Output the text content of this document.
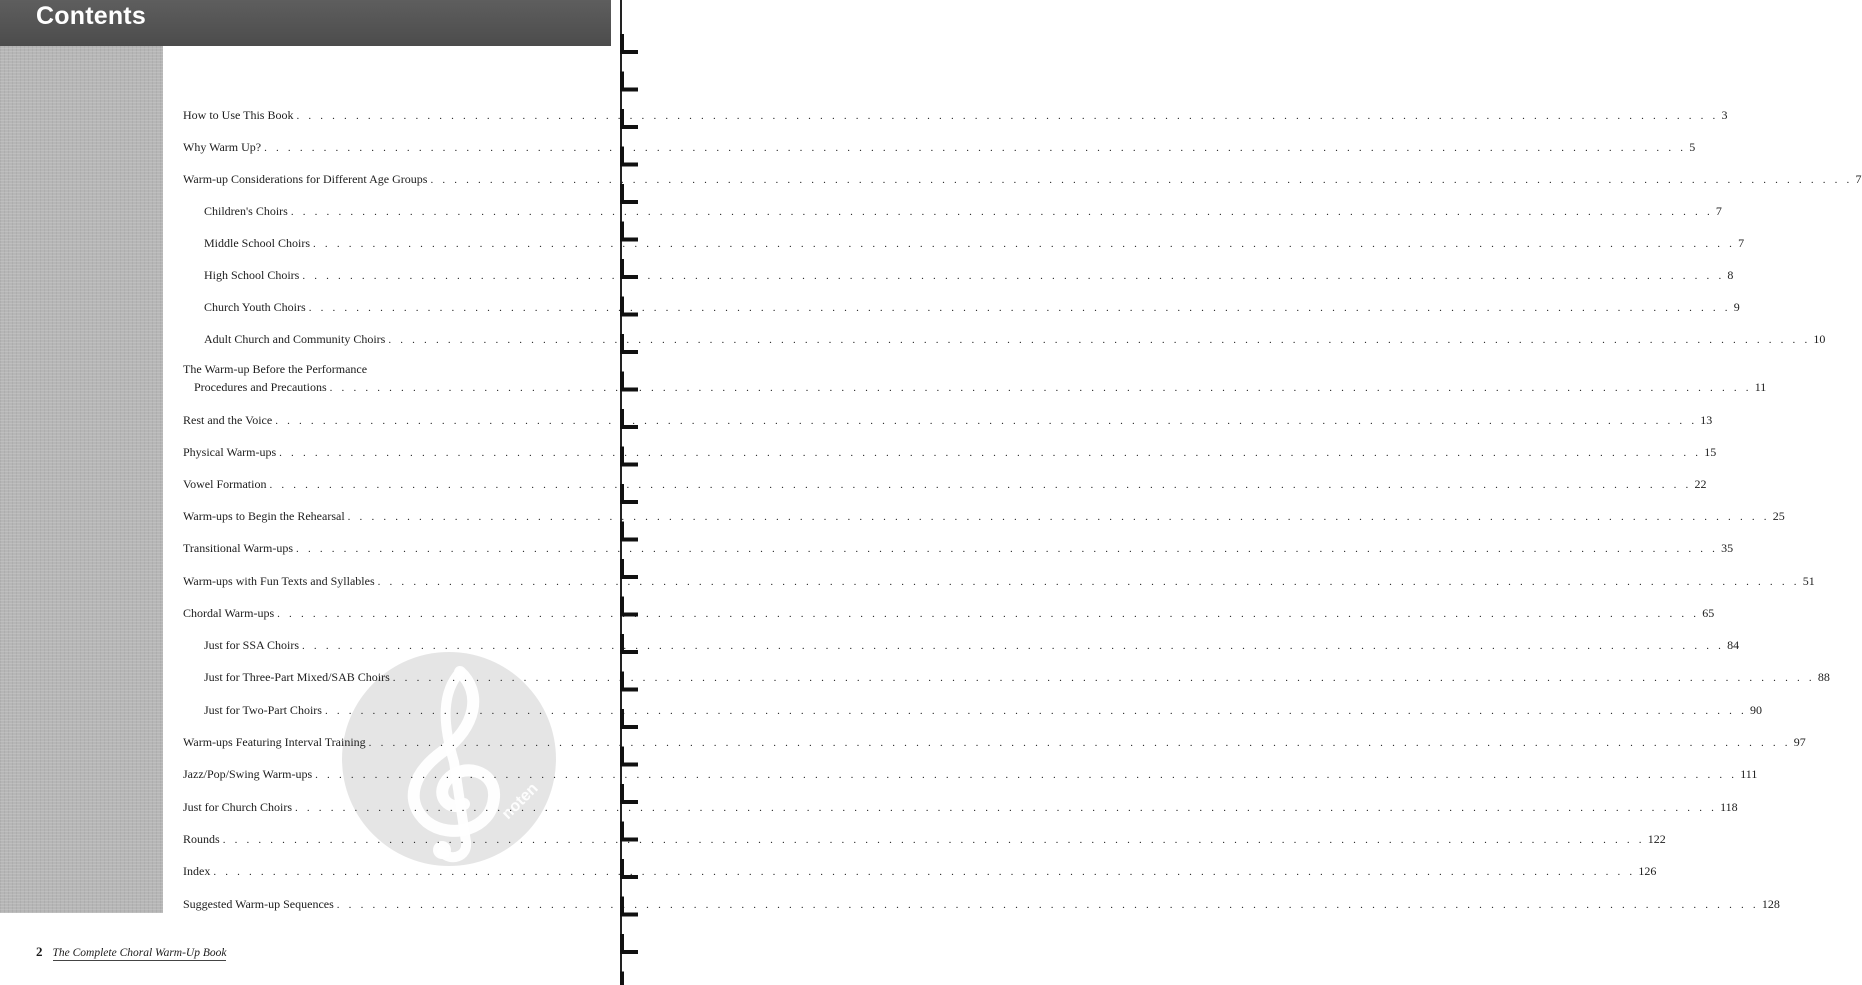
Contents
noten
How to Use This Book . . . . . . . . . . . . . . . . . . . . . . . . . . . . . . . . . . . . . . . . . . . . . . . . . . . . . . . . . . . . . . . . . . . . . . . . . . . . . . . . . . . . . . . . . . . . . . . . . . . . . . . . . . . . . . . . . . . . . . . . 3
Why Warm Up? . . . . . . . . . . . . . . . . . . . . . . . . . . . . . . . . . . . . . . . . . . . . . . . . . . . . . . . . . . . . . . . . . . . . . . . . . . . . . . . . . . . . . . . . . . . . . . . . . . . . . . . . . . . . . . . . . . . . . . . . 5
Warm-up Considerations for Different Age Groups . . . . . . . . . . . . . . . . . . . . . . . . . . . . . . . . . . . . . . . . . . . . . . . . . . . . . . . . . . . . . . . . . . . . . . . . . . . . . . . . . . . . . . . . . . . . . . . . . . . . . . . . . . . . . . . . . . . . . . . . 7
Children's Choirs . . . . . . . . . . . . . . . . . . . . . . . . . . . . . . . . . . . . . . . . . . . . . . . . . . . . . . . . . . . . . . . . . . . . . . . . . . . . . . . . . . . . . . . . . . . . . . . . . . . . . . . . . . . . . . . . . . . . . . . . 7
Middle School Choirs . . . . . . . . . . . . . . . . . . . . . . . . . . . . . . . . . . . . . . . . . . . . . . . . . . . . . . . . . . . . . . . . . . . . . . . . . . . . . . . . . . . . . . . . . . . . . . . . . . . . . . . . . . . . . . . . . . . . . . . . 7
High School Choirs . . . . . . . . . . . . . . . . . . . . . . . . . . . . . . . . . . . . . . . . . . . . . . . . . . . . . . . . . . . . . . . . . . . . . . . . . . . . . . . . . . . . . . . . . . . . . . . . . . . . . . . . . . . . . . . . . . . . . . . . 8
Church Youth Choirs . . . . . . . . . . . . . . . . . . . . . . . . . . . . . . . . . . . . . . . . . . . . . . . . . . . . . . . . . . . . . . . . . . . . . . . . . . . . . . . . . . . . . . . . . . . . . . . . . . . . . . . . . . . . . . . . . . . . . . . . 9
Adult Church and Community Choirs . . . . . . . . . . . . . . . . . . . . . . . . . . . . . . . . . . . . . . . . . . . . . . . . . . . . . . . . . . . . . . . . . . . . . . . . . . . . . . . . . . . . . . . . . . . . . . . . . . . . . . . . . . . . . . . . . . . . . . . . 10
The Warm-up Before the Performance
Procedures and Precautions . . . . . . . . . . . . . . . . . . . . . . . . . . . . . . . . . . . . . . . . . . . . . . . . . . . . . . . . . . . . . . . . . . . . . . . . . . . . . . . . . . . . . . . . . . . . . . . . . . . . . . . . . . . . . . . . . . . . . . . . 11
Rest and the Voice . . . . . . . . . . . . . . . . . . . . . . . . . . . . . . . . . . . . . . . . . . . . . . . . . . . . . . . . . . . . . . . . . . . . . . . . . . . . . . . . . . . . . . . . . . . . . . . . . . . . . . . . . . . . . . . . . . . . . . . . 13
Physical Warm-ups . . . . . . . . . . . . . . . . . . . . . . . . . . . . . . . . . . . . . . . . . . . . . . . . . . . . . . . . . . . . . . . . . . . . . . . . . . . . . . . . . . . . . . . . . . . . . . . . . . . . . . . . . . . . . . . . . . . . . . . . 15
Vowel Formation . . . . . . . . . . . . . . . . . . . . . . . . . . . . . . . . . . . . . . . . . . . . . . . . . . . . . . . . . . . . . . . . . . . . . . . . . . . . . . . . . . . . . . . . . . . . . . . . . . . . . . . . . . . . . . . . . . . . . . . . 22
Warm-ups to Begin the Rehearsal . . . . . . . . . . . . . . . . . . . . . . . . . . . . . . . . . . . . . . . . . . . . . . . . . . . . . . . . . . . . . . . . . . . . . . . . . . . . . . . . . . . . . . . . . . . . . . . . . . . . . . . . . . . . . . . . . . . . . . . . 25
Transitional Warm-ups . . . . . . . . . . . . . . . . . . . . . . . . . . . . . . . . . . . . . . . . . . . . . . . . . . . . . . . . . . . . . . . . . . . . . . . . . . . . . . . . . . . . . . . . . . . . . . . . . . . . . . . . . . . . . . . . . . . . . . . . 35
Warm-ups with Fun Texts and Syllables . . . . . . . . . . . . . . . . . . . . . . . . . . . . . . . . . . . . . . . . . . . . . . . . . . . . . . . . . . . . . . . . . . . . . . . . . . . . . . . . . . . . . . . . . . . . . . . . . . . . . . . . . . . . . . . . . . . . . . . . 51
Chordal Warm-ups . . . . . . . . . . . . . . . . . . . . . . . . . . . . . . . . . . . . . . . . . . . . . . . . . . . . . . . . . . . . . . . . . . . . . . . . . . . . . . . . . . . . . . . . . . . . . . . . . . . . . . . . . . . . . . . . . . . . . . . . 65
Just for SSA Choirs . . . . . . . . . . . . . . . . . . . . . . . . . . . . . . . . . . . . . . . . . . . . . . . . . . . . . . . . . . . . . . . . . . . . . . . . . . . . . . . . . . . . . . . . . . . . . . . . . . . . . . . . . . . . . . . . . . . . . . . . 84
Just for Three-Part Mixed/SAB Choirs . . . . . . . . . . . . . . . . . . . . . . . . . . . . . . . . . . . . . . . . . . . . . . . . . . . . . . . . . . . . . . . . . . . . . . . . . . . . . . . . . . . . . . . . . . . . . . . . . . . . . . . . . . . . . . . . . . . . . . . . 88
Just for Two-Part Choirs . . . . . . . . . . . . . . . . . . . . . . . . . . . . . . . . . . . . . . . . . . . . . . . . . . . . . . . . . . . . . . . . . . . . . . . . . . . . . . . . . . . . . . . . . . . . . . . . . . . . . . . . . . . . . . . . . . . . . . . . 90
Warm-ups Featuring Interval Training . . . . . . . . . . . . . . . . . . . . . . . . . . . . . . . . . . . . . . . . . . . . . . . . . . . . . . . . . . . . . . . . . . . . . . . . . . . . . . . . . . . . . . . . . . . . . . . . . . . . . . . . . . . . . . . . . . . . . . . . 97
Jazz/Pop/Swing Warm-ups . . . . . . . . . . . . . . . . . . . . . . . . . . . . . . . . . . . . . . . . . . . . . . . . . . . . . . . . . . . . . . . . . . . . . . . . . . . . . . . . . . . . . . . . . . . . . . . . . . . . . . . . . . . . . . . . . . . . . . . . 111
Just for Church Choirs . . . . . . . . . . . . . . . . . . . . . . . . . . . . . . . . . . . . . . . . . . . . . . . . . . . . . . . . . . . . . . . . . . . . . . . . . . . . . . . . . . . . . . . . . . . . . . . . . . . . . . . . . . . . . . . . . . . . . . . . 118
Rounds . . . . . . . . . . . . . . . . . . . . . . . . . . . . . . . . . . . . . . . . . . . . . . . . . . . . . . . . . . . . . . . . . . . . . . . . . . . . . . . . . . . . . . . . . . . . . . . . . . . . . . . . . . . . . . . . . . . . . . . . 122
Index . . . . . . . . . . . . . . . . . . . . . . . . . . . . . . . . . . . . . . . . . . . . . . . . . . . . . . . . . . . . . . . . . . . . . . . . . . . . . . . . . . . . . . . . . . . . . . . . . . . . . . . . . . . . . . . . . . . . . . . . 126
Suggested Warm-up Sequences . . . . . . . . . . . . . . . . . . . . . . . . . . . . . . . . . . . . . . . . . . . . . . . . . . . . . . . . . . . . . . . . . . . . . . . . . . . . . . . . . . . . . . . . . . . . . . . . . . . . . . . . . . . . . . . . . . . . . . . . 128
2 The Complete Choral Warm-Up Book
